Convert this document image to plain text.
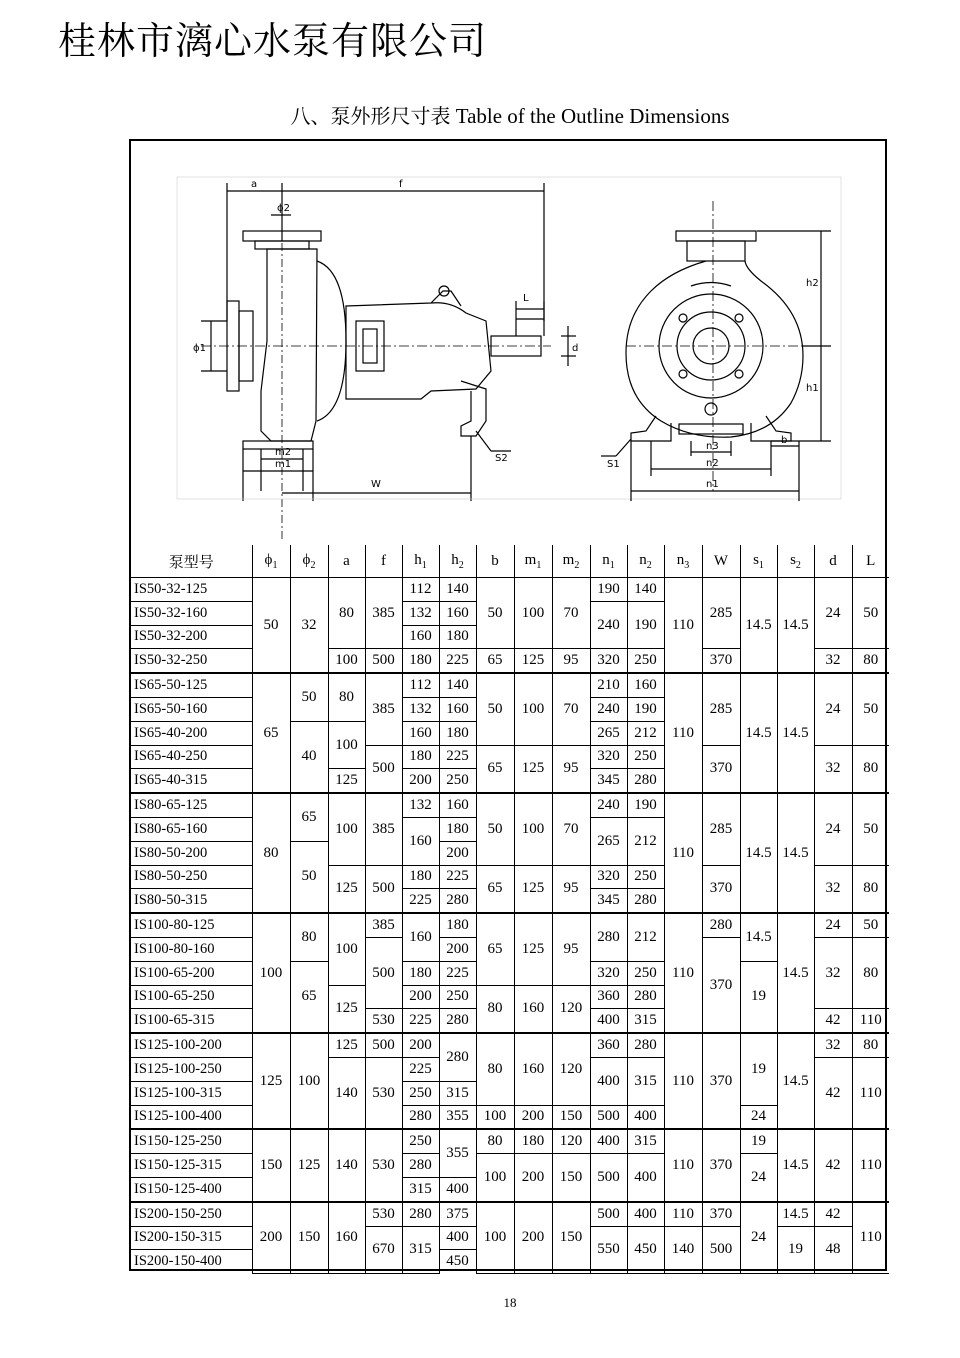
桂林市漓心水泵有限公司
八、泵外形尺寸表 Table of the Outline Dimensions
a	f
ϕ2
ϕ1
L
d
m2
m1
W
S2
S1
h1
h2
n1
n2
n3
b
泵型号	$\phi_1$	$\phi_2$	a	f	$h_1$	$h_2$	b	$m_1$	$m_2$	$n_1$	$n_2$	$n_3$	W	$s_1$	$s_2$	d	L
IS50-32-125	50	32	80	385	112	140	50	100	70	190	140	110	285	14.5	14.5	24	50
IS50-32-160					132	160				240	190						
IS50-32-200					160	180											
IS50-32-250			100	500	180	225	65	125	95	320	250		370			32	80
IS65-50-125	65	50	80	385	112	140	50	100	70	210	160	110	285	14.5	14.5	24	50
IS65-50-160					132	160				240	190						
IS65-40-200		40	100		160	180				265	212						
IS65-40-250				500	180	225	65	125	95	320	250		370			32	80
IS65-40-315			125		200	250				345	280						
IS80-65-125	80	65	100	385	132	160	50	100	70	240	190	110	285	14.5	14.5	24	50
IS80-65-160					160	180				265	212						
IS80-50-200		50				200											
IS80-50-250			125	500	180	225	65	125	95	320	250		370			32	80
IS80-50-315					225	280				345	280						
IS100-80-125	100	80	100	385	160	180	65	125	95	280	212	110	280	14.5	14.5	24	50
IS100-80-160				500		200							370			32	80
IS100-65-200		65			180	225				320	250			19			
IS100-65-250			125		200	250	80	160	120	360	280						
IS100-65-315				530	225	280				400	315					42	110
IS125-100-200	125	100	125	500	200	280	80	160	120	360	280	110	370	19	14.5	32	80
IS125-100-250			140	530	225					400	315					42	110
IS125-100-315					250	315											
IS125-100-400					280	355	100	200	150	500	400			24			
IS150-125-250	150	125	140	530	250	355	80	180	120	400	315	110	370	19	14.5	42	110
IS150-125-315					280		100	200	150	500	400			24			
IS150-125-400					315	400											
IS200-150-250	200	150	160	530	280	375	100	200	150	500	400	110	370	24	14.5	42	110
IS200-150-315				670	315	400				550	450	140	500		19	48	
IS200-150-400						450											
18
